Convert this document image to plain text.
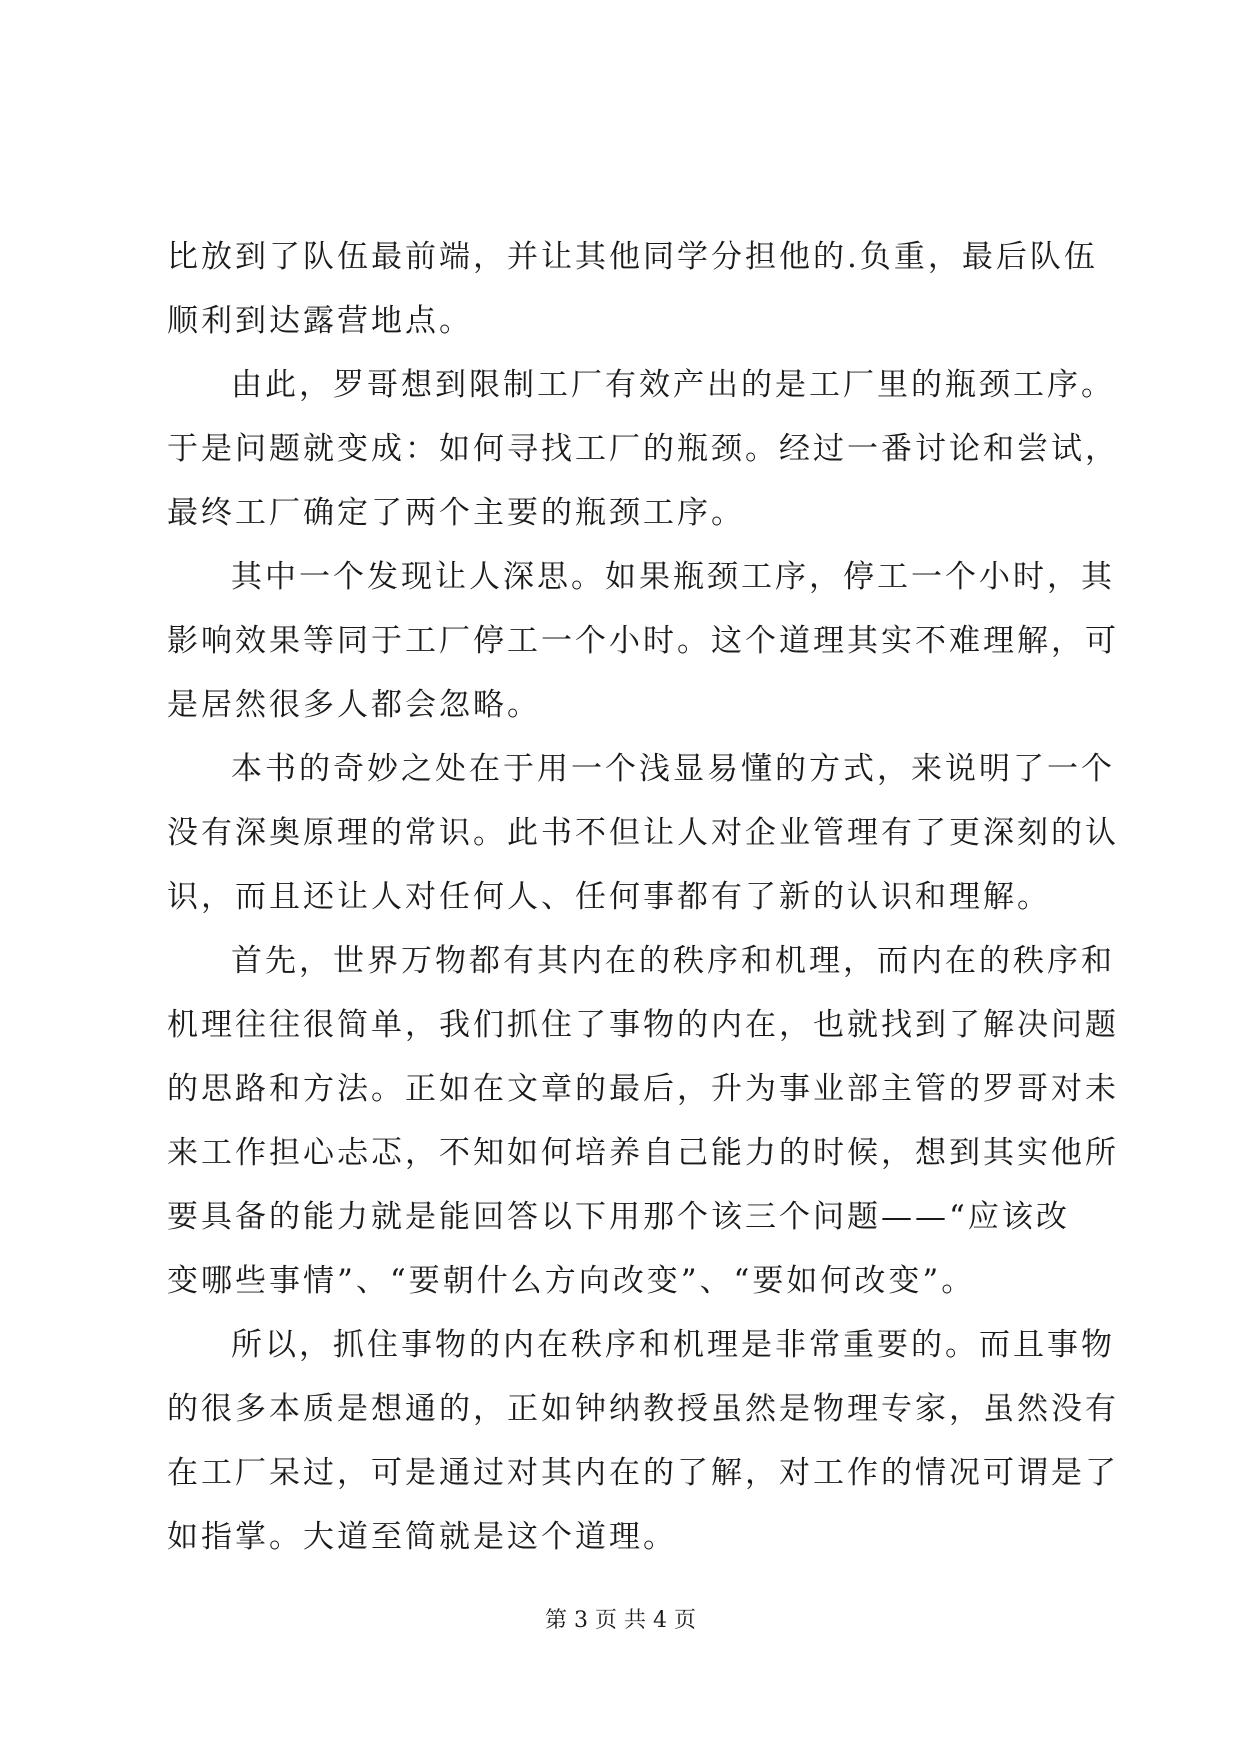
比放到了队伍最前端，并让其他同学分担他的.负重，最后队伍
顺利到达露营地点。
由此，罗哥想到限制工厂有效产出的是工厂里的瓶颈工序。
于是问题就变成：如何寻找工厂的瓶颈。经过一番讨论和尝试，
最终工厂确定了两个主要的瓶颈工序。
其中一个发现让人深思。如果瓶颈工序，停工一个小时，其
影响效果等同于工厂停工一个小时。这个道理其实不难理解，可
是居然很多人都会忽略。
本书的奇妙之处在于用一个浅显易懂的方式，来说明了一个
没有深奥原理的常识。此书不但让人对企业管理有了更深刻的认
识，而且还让人对任何人、任何事都有了新的认识和理解。
首先，世界万物都有其内在的秩序和机理，而内在的秩序和
机理往往很简单，我们抓住了事物的内在，也就找到了解决问题
的思路和方法。正如在文章的最后，升为事业部主管的罗哥对未
来工作担心忐忑，不知如何培养自己能力的时候，想到其实他所
要具备的能力就是能回答以下用那个该三个问题——“应该改
变哪些事情”、“要朝什么方向改变”、“要如何改变”。
所以，抓住事物的内在秩序和机理是非常重要的。而且事物
的很多本质是想通的，正如钟纳教授虽然是物理专家，虽然没有
在工厂呆过，可是通过对其内在的了解，对工作的情况可谓是了
如指掌。大道至简就是这个道理。
第 3 页 共 4 页
